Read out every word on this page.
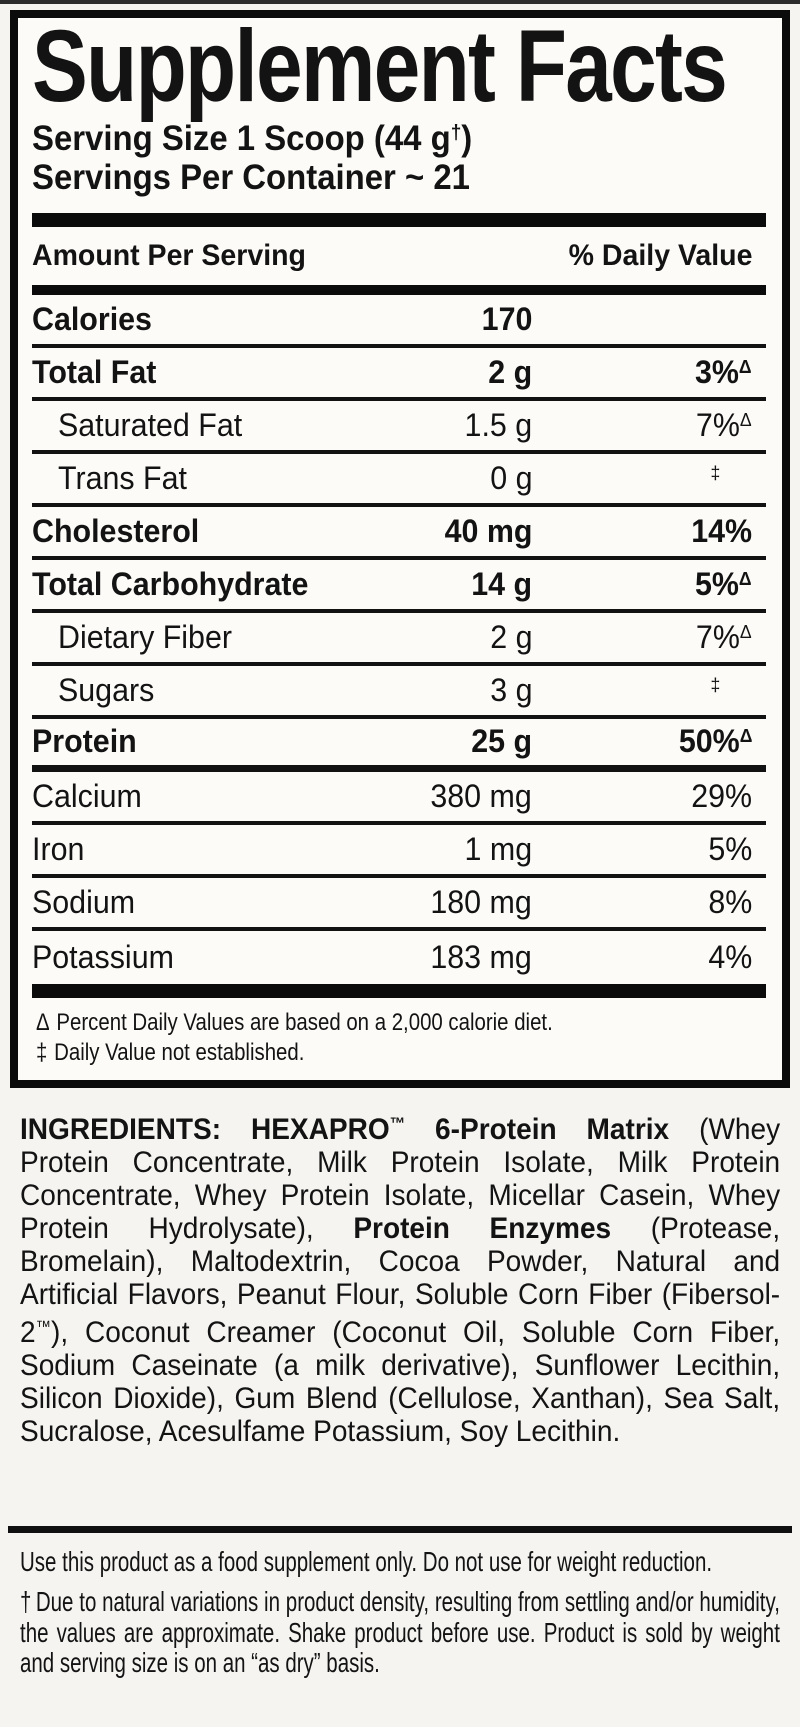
Supplement Facts

Serving Size 1 Scoop (44 g†)

Servings Per Container ~ 21

Amount Per Serving	% Daily Value
Calories	170
Total Fat	2 g	3%$^\Delta$
Saturated Fat	1.5 g	7%$^\Delta$
Trans Fat	0 g	‡
Cholesterol	40 mg	14%
Total Carbohydrate	14 g	5%$^\Delta$
Dietary Fiber	2 g	7%$^\Delta$
Sugars	3 g	‡
Protein	25 g	50%$^\Delta$
Calcium	380 mg	29%
Iron	1 mg	5%
Sodium	180 mg	8%
Potassium	183 mg	4%

Δ Percent Daily Values are based on a 2,000 calorie diet.

‡ Daily Value not established.

INGREDIENTS: HEXAPRO™ 6-Protein Matrix (Whey Protein Concentrate, Milk Protein Isolate, Milk Protein Concentrate, Whey Protein Isolate, Micellar Casein, Whey Protein Hydrolysate), Protein Enzymes (Protease, Bromelain), Maltodextrin, Cocoa Powder, Natural and Artificial Flavors, Peanut Flour, Soluble Corn Fiber (Fibersol-2™), Coconut Creamer (Coconut Oil, Soluble Corn Fiber, Sodium Caseinate (a milk derivative), Sunflower Lecithin, Silicon Dioxide), Gum Blend (Cellulose, Xanthan), Sea Salt, Sucralose, Acesulfame Potassium, Soy Lecithin.

Use this product as a food supplement only. Do not use for weight reduction.

† Due to natural variations in product density, resulting from settling and/or humidity, the values are approximate. Shake product before use. Product is sold by weight and serving size is on an “as dry” basis.
